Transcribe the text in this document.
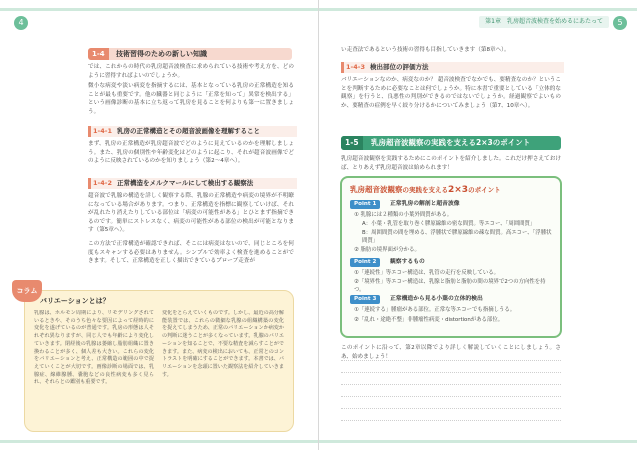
4
1-4	技術習得のための新しい知識
では、これからの時代の乳房超音波検査に求められている技術や考え方を、どのように習得すればよいのでしょうか。
微小な病変や淡い病変を指摘するには、基本となっている乳房の正常構造を知ることが最も重要です。他の臓器と同じように「正常を知って」異常を検出する」という画像診断の基本に立ち返って乳房を見ることを何よりも第一に置きましょう。
1-4-1 乳房の正常構造とその超音波画像を理解すること
まず、乳房の正常構造が乳房超音波でどのように見えているのかを理解しましょう。また、乳房の個別性や年齢変化はどのように起こり、それが超音波画像でどのように反映されているのかを知りましょう（第2〜4章へ）。
1-4-2 正常構造をメルクマールにして検出する観察法
超音波で乳腺の構造を詳しく観察する際、乳腺の正常構造や病変の境界が不明瞭になっている場合があります。つまり、正常構造を指標に観察していけば、それが乱れたり消えたりしている部位は「病変の可能性がある」とひとまず指摘できるのです。簡単にストレスなく、病変の可能性がある部位の検出が可能となります（第5章へ）。
この方法で正常構造が確認できれば、そこには病変はないので、同じところを何度もスキャンする必要はありません。シンプルで効率よく検査を進めることができます。そして、正常構造を正しく描出できているプローブ走査が
コラム
バリエーションとは？
乳腺は、ホルモン周期により、リモデリングされているときや、そのうち色々な要因によって経時的に変化を遂げているのが普通です。乳房の形態は人それぞれ異なりますが、同じ人でも年齢により変化していきます。閉経後の乳腺は萎縮し脂肪組織に置き換わることが多く、個人差も大きい。これらの変化をバリエーションと考え、正常構造の範囲の中で捉えていくことが大切です。画像診断の場面では、乳腺症、線維腺腫、嚢胞などの良性病変も多く見られ、それらとの鑑別も重要です。
変化をとらえていくものです。しかし、最近の高分解能装置では、これらの微細な乳腺の組織構築の変化を捉えてしまうため、正常のバリエーションか病変かの判断に迷うことが多くなっています。乳腺のバリエーションを知ることで、不要な精査を減らすことができます。また、病変の検出においても、正常とのコントラストを明確にすることができます。本書では、バリエーションを念頭に置いた観察法を紹介していきます。
第1章　乳房超音波検査を始めるにあたって	5
い走査法であるという技術の習得も目指していきます（第8章へ）。
1-4-3 検出部位の評価方法
バリエーションなのか、病変なのか？ 超音波検査でなかでも、要精査なのか？ということを判断するために必要なことは何でしょうか。特に本書で重要としている「立体的な観察」を行うと、良悪性の判別ができるのではないでしょうか。経過観察でよいものか、要精査の症例を早く絞り分けるかについてみましょう（第7、10章へ）。
1-5	乳房超音波観察の実践を支える2×3のポイント
乳房超音波観察を実践するためにこのポイントを紹介しました。これだけ押さえておけば、とりあえず乳房超音波は始められます！
このポイントに沿って、第2章以降でより詳しく解説していくことにしましょう。さあ、始めましょう！
乳房超音波観察の実践を支える2×3のポイント
Point 1	正常乳房の解剖と超音波像
① 乳腺には２種類の小葉外間質がある。
A：小葉・乳管を取り巻く膠原線維の密な間質。等エコー、「周囲間質」
B：周囲間質の間を埋める、浮腫状で膠原線維の疎な間質。高エコー、「浮腫状間質」
② 脂肪の境界面が分かる。
Point 2	観察するもの
①「連続性」等エコー構造は、乳管の走行を反映している。
②「境界性」等エコー構造は、乳腺と脂肪と脂肪の間の境界で2つの方向性を持つ。
Point 3	正常構造から見る小葉の立体的検出
①「連続する」腫瘤がある部位。正常な等エコーでも指摘しうる。
②「乱れ・途絶不整」非腫瘤性病変・distortionがある部位。
